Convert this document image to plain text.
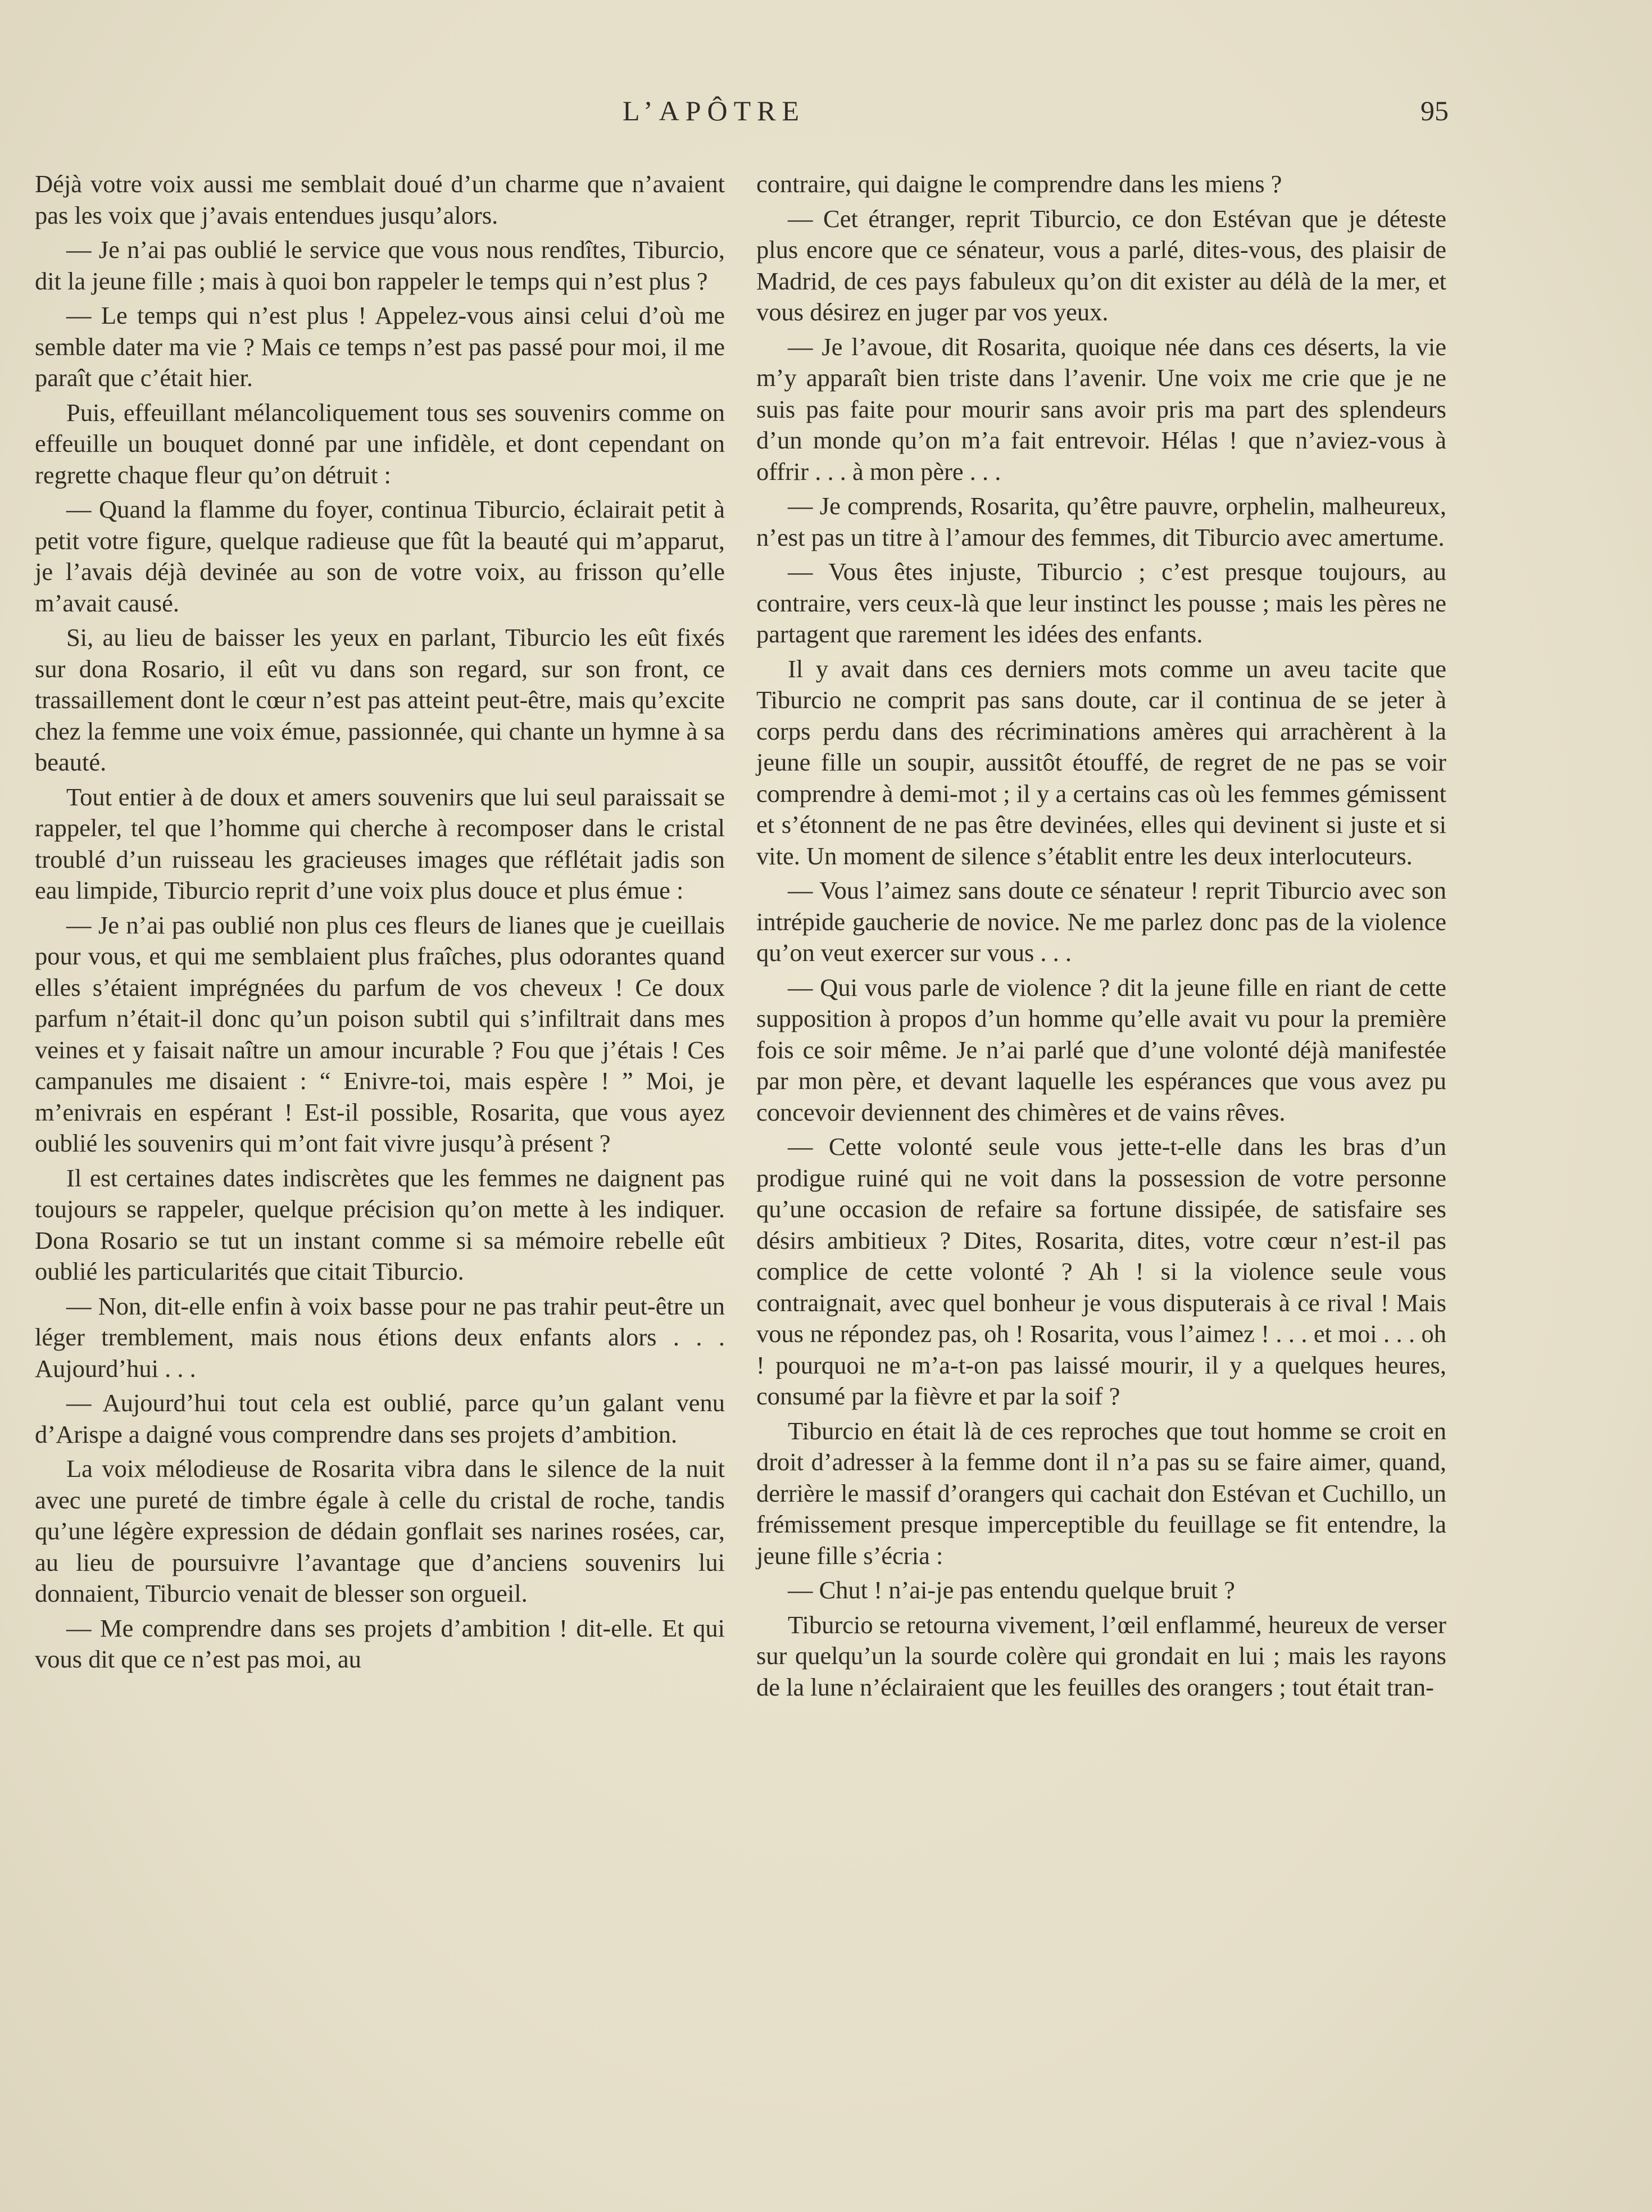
L’APÔTRE	95

Déjà votre voix aussi me semblait doué d’un charme que n’avaient pas les voix que j’avais entendues jusqu’alors.

— Je n’ai pas oublié le service que vous nous rendîtes, Tiburcio, dit la jeune fille ; mais à quoi bon rappeler le temps qui n’est plus ?

— Le temps qui n’est plus ! Appelez-vous ainsi celui d’où me semble dater ma vie ? Mais ce temps n’est pas passé pour moi, il me paraît que c’était hier.

Puis, effeuillant mélancoliquement tous ses souvenirs comme on effeuille un bouquet donné par une infidèle, et dont cependant on regrette chaque fleur qu’on détruit :

— Quand la flamme du foyer, continua Tiburcio, éclairait petit à petit votre figure, quelque radieuse que fût la beauté qui m’apparut, je l’avais déjà devinée au son de votre voix, au frisson qu’elle m’avait causé.

Si, au lieu de baisser les yeux en parlant, Tiburcio les eût fixés sur dona Rosario, il eût vu dans son regard, sur son front, ce trassaillement dont le cœur n’est pas atteint peut-être, mais qu’excite chez la femme une voix émue, passionnée, qui chante un hymne à sa beauté.

Tout entier à de doux et amers souvenirs que lui seul paraissait se rappeler, tel que l’homme qui cherche à recomposer dans le cristal troublé d’un ruisseau les gracieuses images que réflétait jadis son eau limpide, Tiburcio reprit d’une voix plus douce et plus émue :

— Je n’ai pas oublié non plus ces fleurs de lianes que je cueillais pour vous, et qui me semblaient plus fraîches, plus odorantes quand elles s’étaient imprégnées du parfum de vos cheveux ! Ce doux parfum n’était-il donc qu’un poison subtil qui s’infiltrait dans mes veines et y faisait naître un amour incurable ? Fou que j’étais ! Ces campanules me disaient : “ Enivre-toi, mais espère ! ” Moi, je m’enivrais en espérant ! Est-il possible, Rosarita, que vous ayez oublié les souvenirs qui m’ont fait vivre jusqu’à présent ?

Il est certaines dates indiscrètes que les femmes ne daignent pas toujours se rappeler, quelque précision qu’on mette à les indiquer. Dona Rosario se tut un instant comme si sa mémoire rebelle eût oublié les particularités que citait Tiburcio.

— Non, dit-elle enfin à voix basse pour ne pas trahir peut-être un léger tremblement, mais nous étions deux enfants alors . . . Aujourd’hui . . .

— Aujourd’hui tout cela est oublié, parce qu’un galant venu d’Arispe a daigné vous comprendre dans ses projets d’ambition.

La voix mélodieuse de Rosarita vibra dans le silence de la nuit avec une pureté de timbre égale à celle du cristal de roche, tandis qu’une légère expression de dédain gonflait ses narines rosées, car, au lieu de poursuivre l’avantage que d’anciens souvenirs lui donnaient, Tiburcio venait de blesser son orgueil.

— Me comprendre dans ses projets d’ambition ! dit-elle. Et qui vous dit que ce n’est pas moi, au

contraire, qui daigne le comprendre dans les miens ?

— Cet étranger, reprit Tiburcio, ce don Estévan que je déteste plus encore que ce sénateur, vous a parlé, dites-vous, des plaisir de Madrid, de ces pays fabuleux qu’on dit exister au délà de la mer, et vous désirez en juger par vos yeux.

— Je l’avoue, dit Rosarita, quoique née dans ces déserts, la vie m’y apparaît bien triste dans l’avenir. Une voix me crie que je ne suis pas faite pour mourir sans avoir pris ma part des splendeurs d’un monde qu’on m’a fait entrevoir. Hélas ! que n’aviez-vous à offrir . . . à mon père . . .

— Je comprends, Rosarita, qu’être pauvre, orphelin, malheureux, n’est pas un titre à l’amour des femmes, dit Tiburcio avec amertume.

— Vous êtes injuste, Tiburcio ; c’est presque toujours, au contraire, vers ceux-là que leur instinct les pousse ; mais les pères ne partagent que rarement les idées des enfants.

Il y avait dans ces derniers mots comme un aveu tacite que Tiburcio ne comprit pas sans doute, car il continua de se jeter à corps perdu dans des récriminations amères qui arrachèrent à la jeune fille un soupir, aussitôt étouffé, de regret de ne pas se voir comprendre à demi-mot ; il y a certains cas où les femmes gémissent et s’étonnent de ne pas être devinées, elles qui devinent si juste et si vite. Un moment de silence s’établit entre les deux interlocuteurs.

— Vous l’aimez sans doute ce sénateur ! reprit Tiburcio avec son intrépide gaucherie de novice. Ne me parlez donc pas de la violence qu’on veut exercer sur vous . . .

— Qui vous parle de violence ? dit la jeune fille en riant de cette supposition à propos d’un homme qu’elle avait vu pour la première fois ce soir même. Je n’ai parlé que d’une volonté déjà manifestée par mon père, et devant laquelle les espérances que vous avez pu concevoir deviennent des chimères et de vains rêves.

— Cette volonté seule vous jette-t-elle dans les bras d’un prodigue ruiné qui ne voit dans la possession de votre personne qu’une occasion de refaire sa fortune dissipée, de satisfaire ses désirs ambitieux ? Dites, Rosarita, dites, votre cœur n’est-il pas complice de cette volonté ? Ah ! si la violence seule vous contraignait, avec quel bonheur je vous disputerais à ce rival ! Mais vous ne répondez pas, oh ! Rosarita, vous l’aimez ! . . . et moi . . . oh ! pourquoi ne m’a-t-on pas laissé mourir, il y a quelques heures, consumé par la fièvre et par la soif ?

Tiburcio en était là de ces reproches que tout homme se croit en droit d’adresser à la femme dont il n’a pas su se faire aimer, quand, derrière le massif d’orangers qui cachait don Estévan et Cuchillo, un frémissement presque imperceptible du feuillage se fit entendre, la jeune fille s’écria :

— Chut ! n’ai-je pas entendu quelque bruit ?

Tiburcio se retourna vivement, l’œil enflammé, heureux de verser sur quelqu’un la sourde colère qui grondait en lui ; mais les rayons de la lune n’éclairaient que les feuilles des orangers ; tout était tran-
